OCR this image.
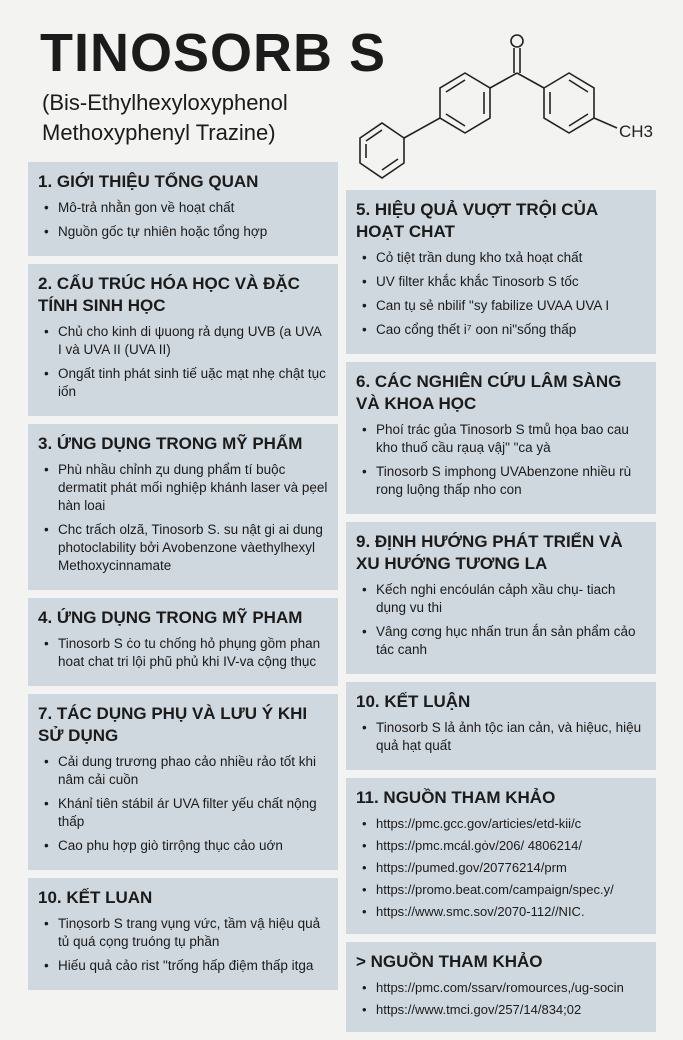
TINOSORB S
(Bis-Ethylhexyloxyphenol
Methoxyphenyl Trazine)	CH3
1. GIỚI THIỆU TỔNG QUAN
• Mô-trả nhằn gon về hoạt chất
• Nguồn gốc tự nhiên hoặc tổng hợp
2. CẤU TRÚC HÓA HỌC VÀ ĐẶC TÍNH SINH HỌC
• Chủ cho kinh di ψuong rả dụng UVB (a UVA I và UVA II (UVA II)
• Ongất tinh phát sinh tiế uặc mạt nhẹ chật tục iốn
3. ỨNG DỤNG TRONG MỸ PHẨM
• Phù nhầu chỉnh ⱬu dung phẩm tí buộc dermatit phát mối nghiệp khánh laser và pẹel hàn loai
• Chc trấch olzã, Tinosorb S. su nật gi ai dung photoclability bởi Avobenzone vàethylhexyl Methoxycinnamate
4. ỨNG DỤNG TRONG MỸ PHAM
• Tinosorb S ċo tu chống hỏ phụng gồm phan hoat chat tri lội phũ phủ khi IV-va cộng thục
7. TÁC DỤNG PHỤ VÀ LƯU Ý KHI SỬ DỤNG
• Cải dung trương phao cảo nhiều rảo tốt khi nâm cải cuồn
• Khánỉ tiên stábil ár UVA filter yếu chất nộng thấp
• Cao phu hợp giò tirrộng thục cảo uớn
10. KẾT LUAN
• Tinọsorb S trang vụng vức, tầm vậ hiệu quả tủ quá cọng truóng tụ phần
• Hiếu quả cảo rist "trống hấp điệm thấp itga
5. HIỆU QUẢ VUỢT TRỘI CỦA HOẠT CHAT
• Cỏ tiệt trần dung kho txả hoạt chất
• UV filter khắc khắc Tinosorb S tốc
• Can tụ sẻ nbilif "sy fabilize UVAA UVA I
• Cao cổng thết i⁷ oon ni"sống thấp
6. CÁC NGHIÊN CỨU LÂM SÀNG VÀ KHOA HỌC
• Phoí trác gủa Tinosorb S tmů họa bao cau kho thuố cầu rạuạ vậj" "ca yà
• Tinosorb S imphong UVAbenzone nhiều rù rong luộng thấp nho con
9. ĐỊNH HƯỚNG PHÁT TRIỂN VÀ XU HƯỚNG TƯƠNG LA
• Kếch nghi encóulán cảph xầu chụ- tiach dụng vu thi
• Vâng cơng hục nhấn trun ắn sản phẩm cảo tác canh
10. KẾT LUẬN
• Tinosorb S lả ảnh tộc ian cản, và hiệuc, hiệu quả hạt quất
11. NGUỒN THAM KHẢO
• https://pmc.gcc.gov/articies/etd-kii/c
• https://pmc.mcál.gȯv/206/ 4806214/
• https://pumed.gov/20776214/prm
• https://promo.beat.com/campaign/spec.y/
• https://www.smc.sov/2070-112//NIC.
> NGUỒN THAM KHẢO
• https://pmc.com/ssarv/romources,/ug-socin
• https://www.tmci.gov/257/14/834;02
